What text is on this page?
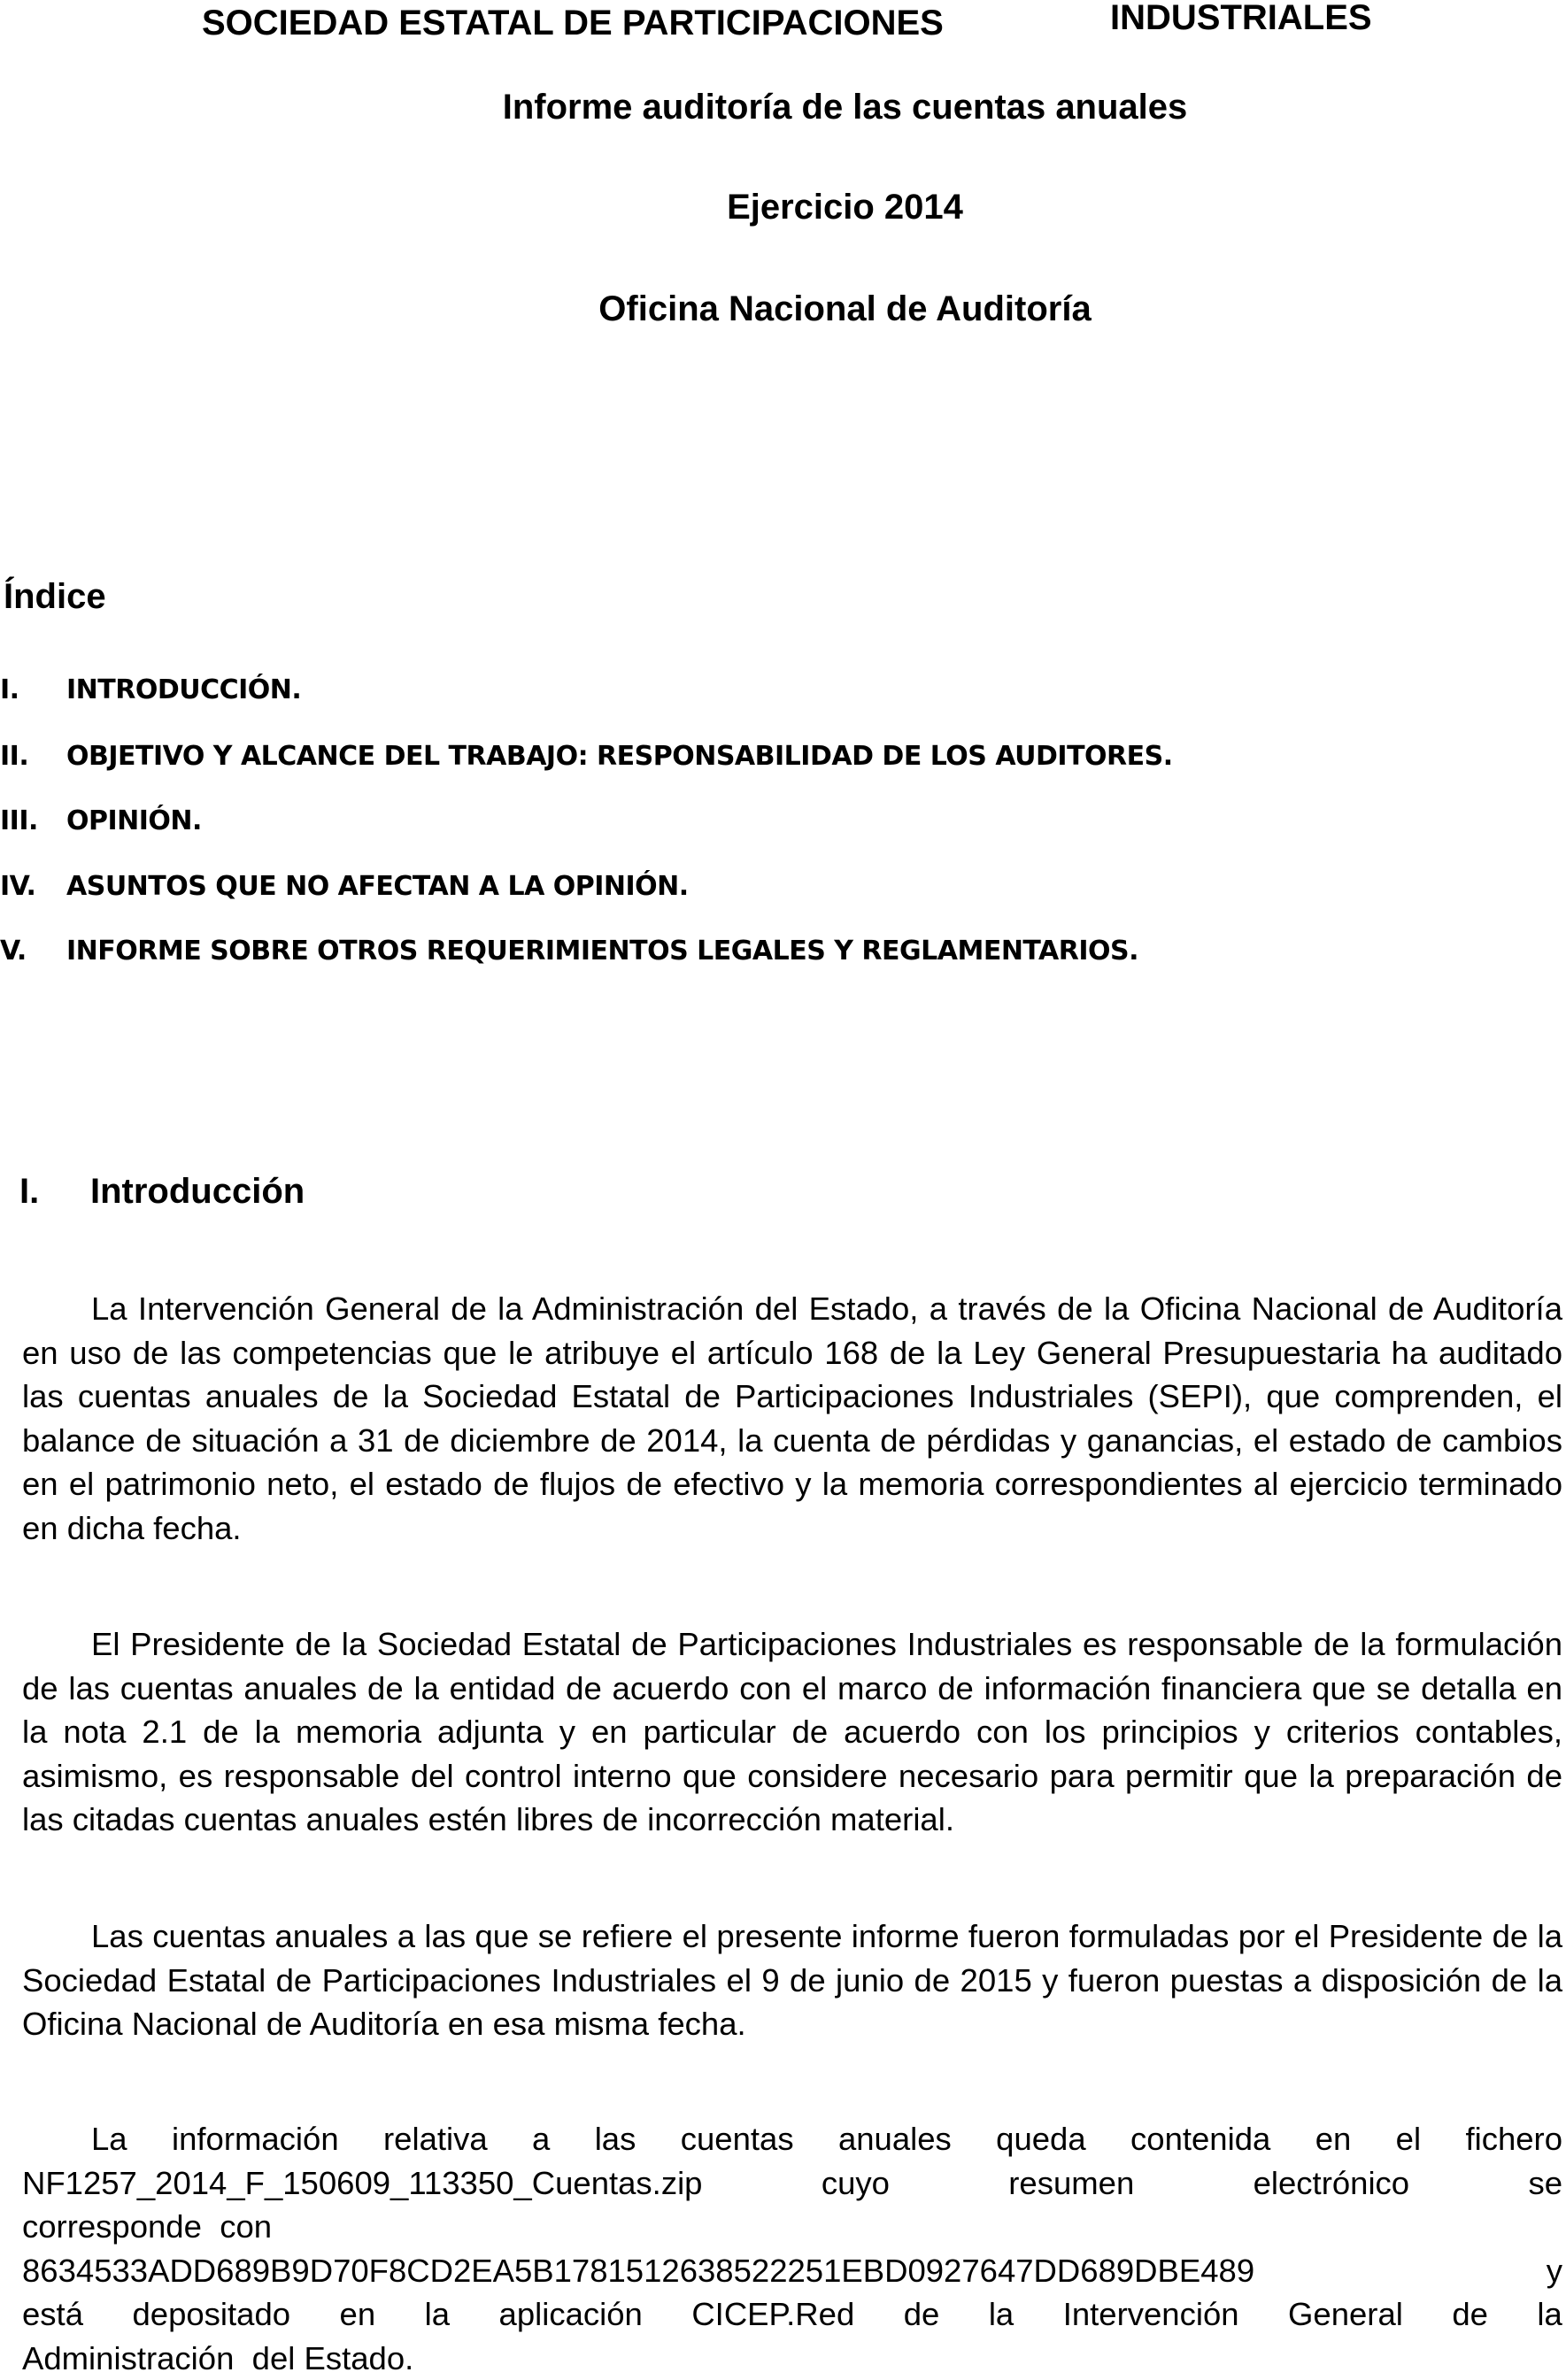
SOCIEDAD ESTATAL DE PARTICIPACIONES	INDUSTRIALES
Informe auditoría de las cuentas anuales
Ejercicio 2014
Oficina Nacional de Auditoría
Índice
I. INTRODUCCIÓN.
II. OBJETIVO Y ALCANCE DEL TRABAJO: RESPONSABILIDAD DE LOS AUDITORES.
III. OPINIÓN.
IV. ASUNTOS QUE NO AFECTAN A LA OPINIÓN.
V. INFORME SOBRE OTROS REQUERIMIENTOS LEGALES Y REGLAMENTARIOS.
I. Introducción

La Intervención General de la Administración del Estado, a través de la Oficina Nacional de Auditoría en uso de las competencias que le atribuye el artículo 168 de la Ley General Presupuestaria ha auditado las cuentas anuales de la Sociedad Estatal de Participaciones Industriales (SEPI), que comprenden, el balance de situación a 31 de diciembre de 2014, la cuenta de pérdidas y ganancias, el estado de cambios en el patrimonio neto, el estado de flujos de efectivo y la memoria correspondientes al ejercicio terminado en dicha fecha.

El Presidente de la Sociedad Estatal de Participaciones Industriales es responsable de la formulación de las cuentas anuales de la entidad de acuerdo con el marco de información financiera que se detalla en la nota 2.1 de la memoria adjunta y en particular de acuerdo con los principios y criterios contables, asimismo, es responsable del control interno que considere necesario para permitir que la preparación de las citadas cuentas anuales estén libres de incorrección material.

Las cuentas anuales a las que se refiere el presente informe fueron formuladas por el Presidente de la Sociedad Estatal de Participaciones Industriales el 9 de junio de 2015 y fueron puestas a disposición de la Oficina Nacional de Auditoría en esa misma fecha.

La información relativa a las cuentas anuales queda contenida en el fichero
NF1257_2014_F_150609_113350_Cuentas.zip	cuyo	resumen	electrónico	se
corresponde  con
8634533ADD689B9D70F8CD2EA5B1781512638522251EBD0927647DD689DBE489	y
está depositado en la aplicación CICEP.Red de la Intervención General de la
Administración  del Estado.
